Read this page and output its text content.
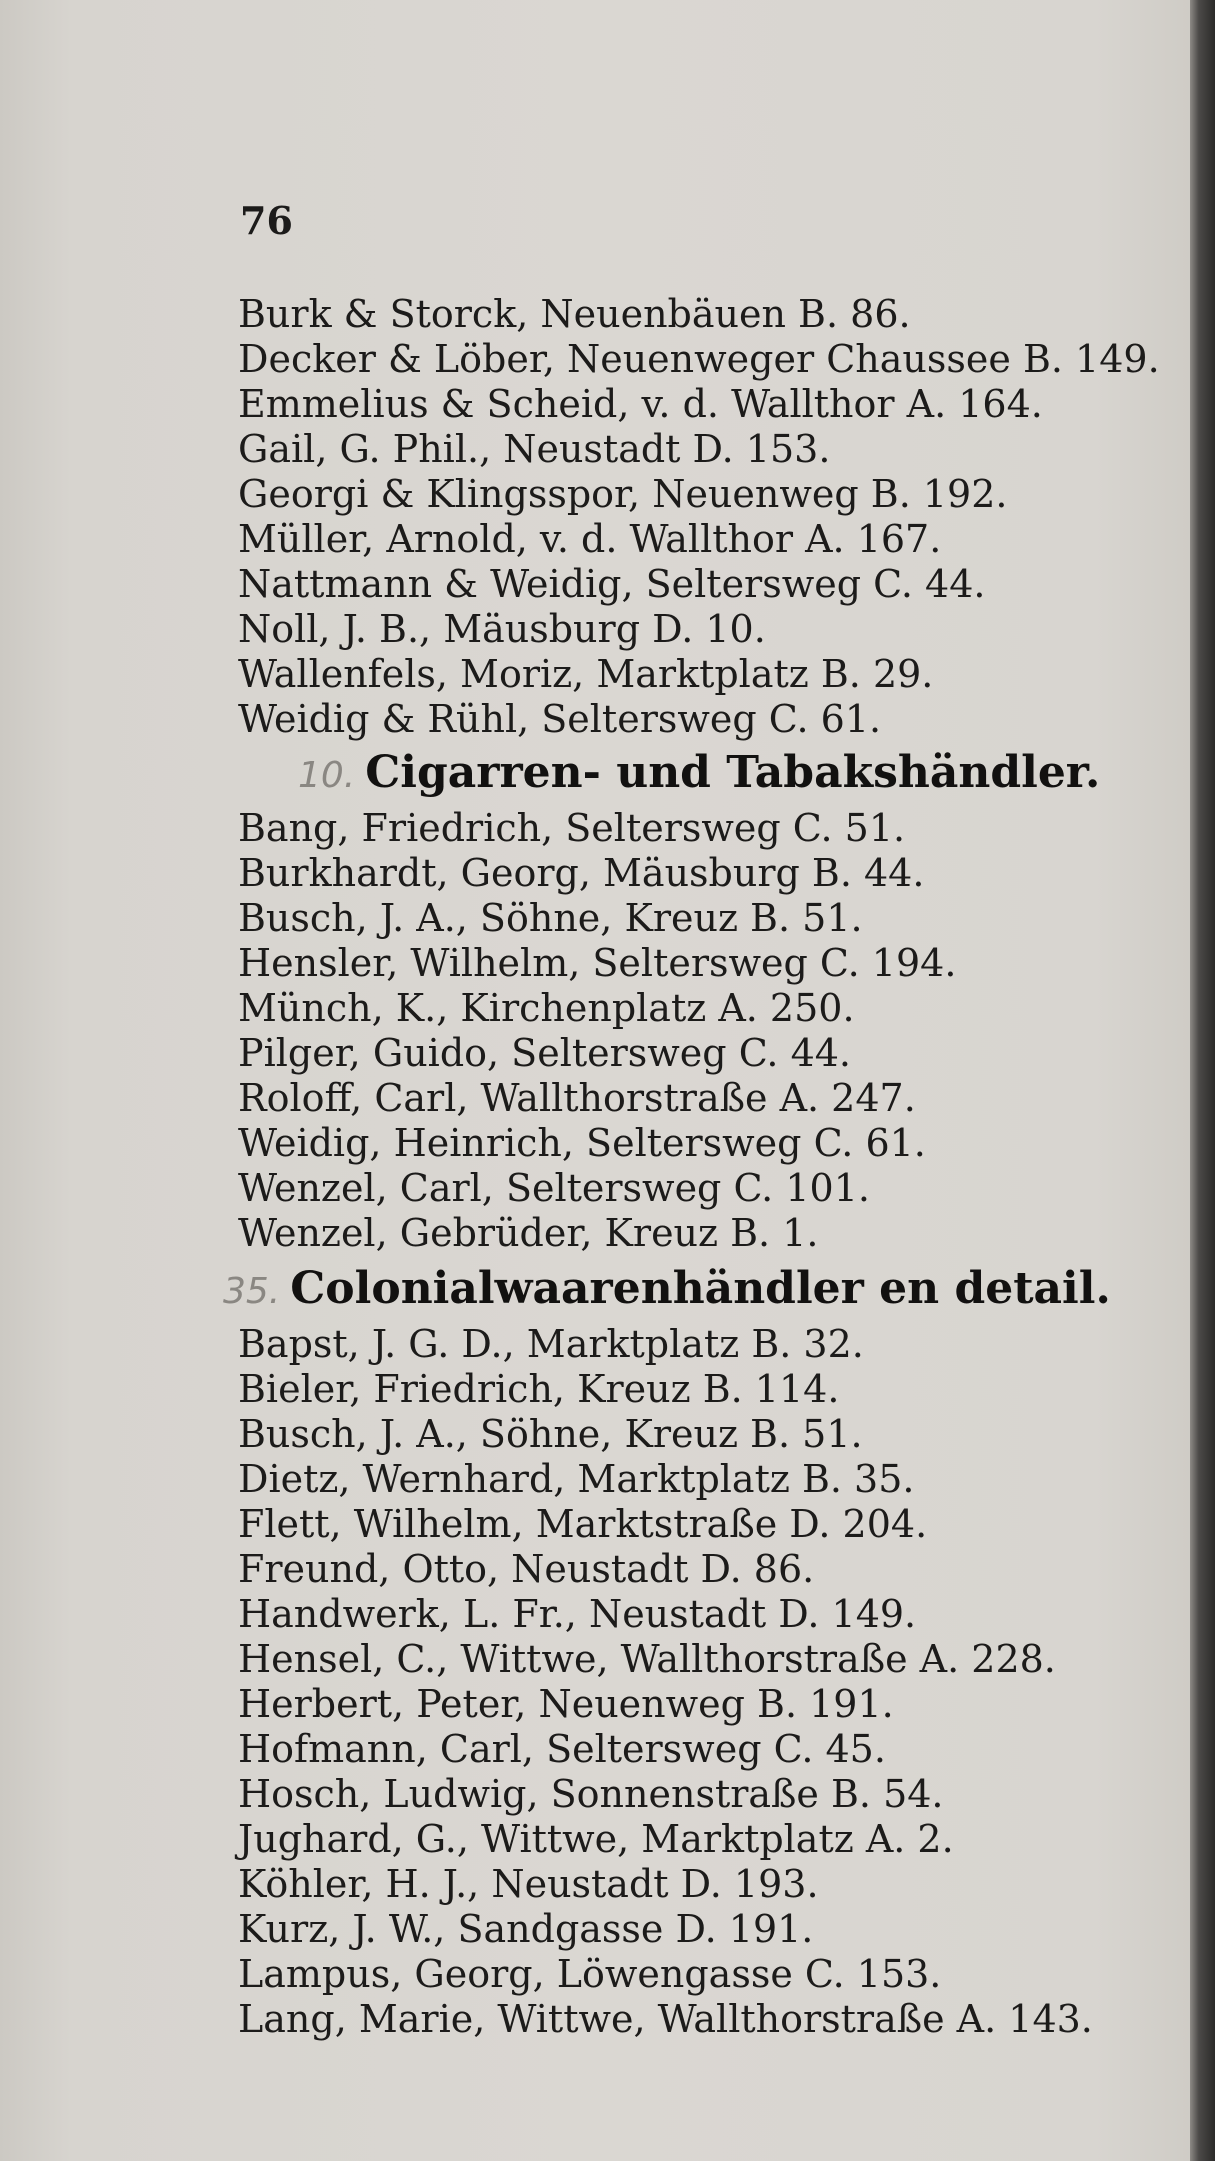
76

Burk & Storck, Neuenbäuen B. 86.
Decker & Löber, Neuenweger Chaussee B. 149.
Emmelius & Scheid, v. d. Wallthor A. 164.
Gail, G. Phil., Neustadt D. 153.
Georgi & Klingsspor, Neuenweg B. 192.
Müller, Arnold, v. d. Wallthor A. 167.
Nattmann & Weidig, Seltersweg C. 44.
Noll, J. B., Mäusburg D. 10.
Wallenfels, Moriz, Marktplatz B. 29.
Weidig & Rühl, Seltersweg C. 61.
10. Cigarren- und Tabakshändler.
Bang, Friedrich, Seltersweg C. 51.
Burkhardt, Georg, Mäusburg B. 44.
Busch, J. A., Söhne, Kreuz B. 51.
Hensler, Wilhelm, Seltersweg C. 194.
Münch, K., Kirchenplatz A. 250.
Pilger, Guido, Seltersweg C. 44.
Roloff, Carl, Wallthorstraße A. 247.
Weidig, Heinrich, Seltersweg C. 61.
Wenzel, Carl, Seltersweg C. 101.
Wenzel, Gebrüder, Kreuz B. 1.
35. Colonialwaarenhändler en detail.
Bapst, J. G. D., Marktplatz B. 32.
Bieler, Friedrich, Kreuz B. 114.
Busch, J. A., Söhne, Kreuz B. 51.
Dietz, Wernhard, Marktplatz B. 35.
Flett, Wilhelm, Marktstraße D. 204.
Freund, Otto, Neustadt D. 86.
Handwerk, L. Fr., Neustadt D. 149.
Hensel, C., Wittwe, Wallthorstraße A. 228.
Herbert, Peter, Neuenweg B. 191.
Hofmann, Carl, Seltersweg C. 45.
Hosch, Ludwig, Sonnenstraße B. 54.
Jughard, G., Wittwe, Marktplatz A. 2.
Köhler, H. J., Neustadt D. 193.
Kurz, J. W., Sandgasse D. 191.
Lampus, Georg, Löwengasse C. 153.
Lang, Marie, Wittwe, Wallthorstraße A. 143.
